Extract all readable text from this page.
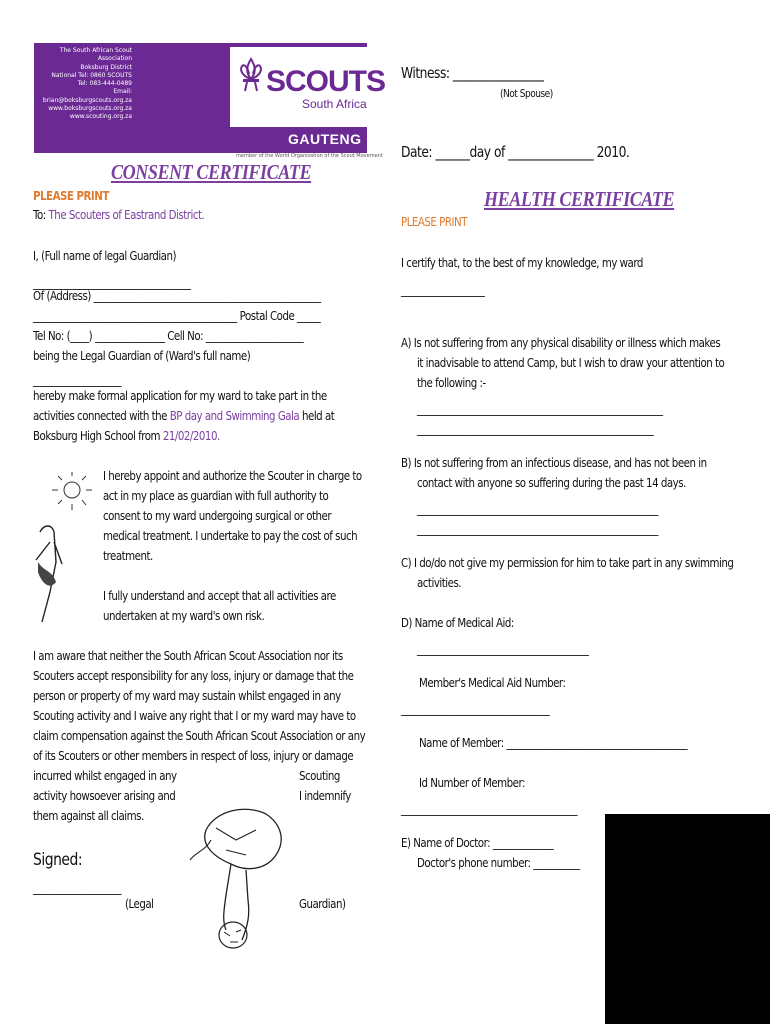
The South African Scout Association
Boksburg District
National Tel: 0860 SCOUTS
Tel: 083-444-0489
Email: brian@boksburgscouts.org.za
www.boksburgscouts.org.za
www.scouting.org.za
SCOUTS
South Africa
GAUTENG
member of the World Organization of the Scout Movement
CONSENT CERTIFICATE
PLEASE PRINT
To: The Scouters of Eastrand District.
I, (Full name of legal Guardian)
__________________________________
Of (Address) _________________________________________________
____________________________________________ Postal Code _____
Tel No: (____) _______________ Cell No: _____________________
being the Legal Guardian of (Ward's full name)
___________________
hereby make formal application for my ward to take part in the
activities connected with the BP day and Swimming Gala held at
Boksburg High School from 21/02/2010.
I hereby appoint and authorize the Scouter in charge to
act in my place as guardian with full authority to
consent to my ward undergoing surgical or other
medical treatment. I undertake to pay the cost of such
treatment.
I fully understand and accept that all activities are
undertaken at my ward's own risk.
I am aware that neither the South African Scout Association nor its
Scouters accept responsibility for any loss, injury or damage that the
person or property of my ward may sustain whilst engaged in any
Scouting activity and I waive any right that I or my ward may have to
claim compensation against the South African Scout Association or any
of its Scouters or other members in respect of loss, injury or damage
incurred whilst engaged in any	Scouting
activity howsoever arising and	I indemnify
them against all claims.
Signed:
___________________
(Legal	Guardian)
Witness: ________________
(Not Spouse)
Date: ______day of _______________ 2010.
HEALTH CERTIFICATE
PLEASE PRINT
I certify that, to the best of my knowledge, my ward
__________________
A) Is not suffering from any physical disability or illness which makes
it inadvisable to attend Camp, but I wish to draw your attention to
the following :-
_____________________________________________________
___________________________________________________
B) Is not suffering from an infectious disease, and has not been in
contact with anyone so suffering during the past 14 days.
____________________________________________________
____________________________________________________
C) I do/do not give my permission for him to take part in any swimming
activities.
D) Name of Medical Aid:
_____________________________________
Member's Medical Aid Number:
________________________________
Name of Member: _______________________________________
Id Number of Member:
______________________________________
E) Name of Doctor: _____________
Doctor's phone number: __________
